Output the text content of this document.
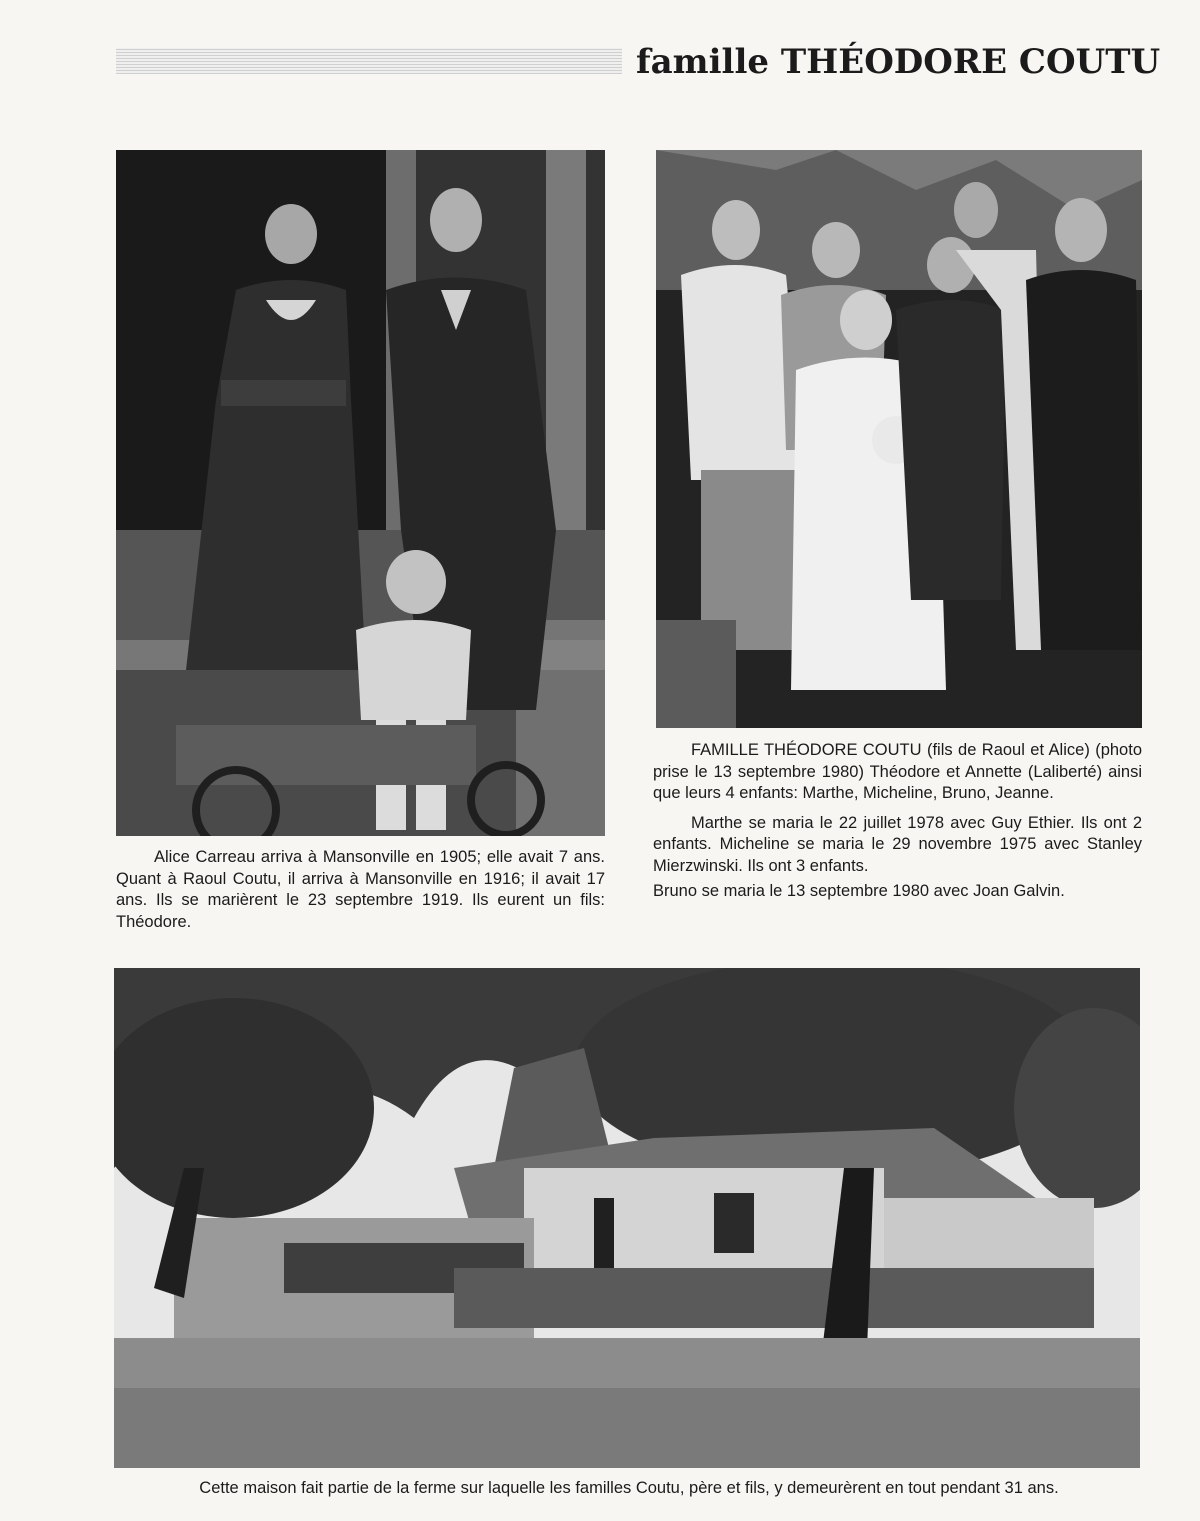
famille THÉODORE COUTU
Alice Carreau arriva à Mansonville en 1905; elle avait 7 ans. Quant à Raoul Coutu, il arriva à Mansonville en 1916; il avait 17 ans. Ils se marièrent le 23 septembre 1919. Ils eurent un fils: Théodore.

FAMILLE THÉODORE COUTU (fils de Raoul et Alice) (photo prise le 13 septembre 1980) Théodore et Annette (Laliberté) ainsi que leurs 4 enfants: Marthe, Micheline, Bruno, Jeanne.

Marthe se maria le 22 juillet 1978 avec Guy Ethier. Ils ont 2 enfants. Micheline se maria le 29 novembre 1975 avec Stanley Mierzwinski. Ils ont 3 enfants.

Bruno se maria le 13 septembre 1980 avec Joan Galvin.

Cette maison fait partie de la ferme sur laquelle les familles Coutu, père et fils, y demeurèrent en tout pendant 31 ans.
